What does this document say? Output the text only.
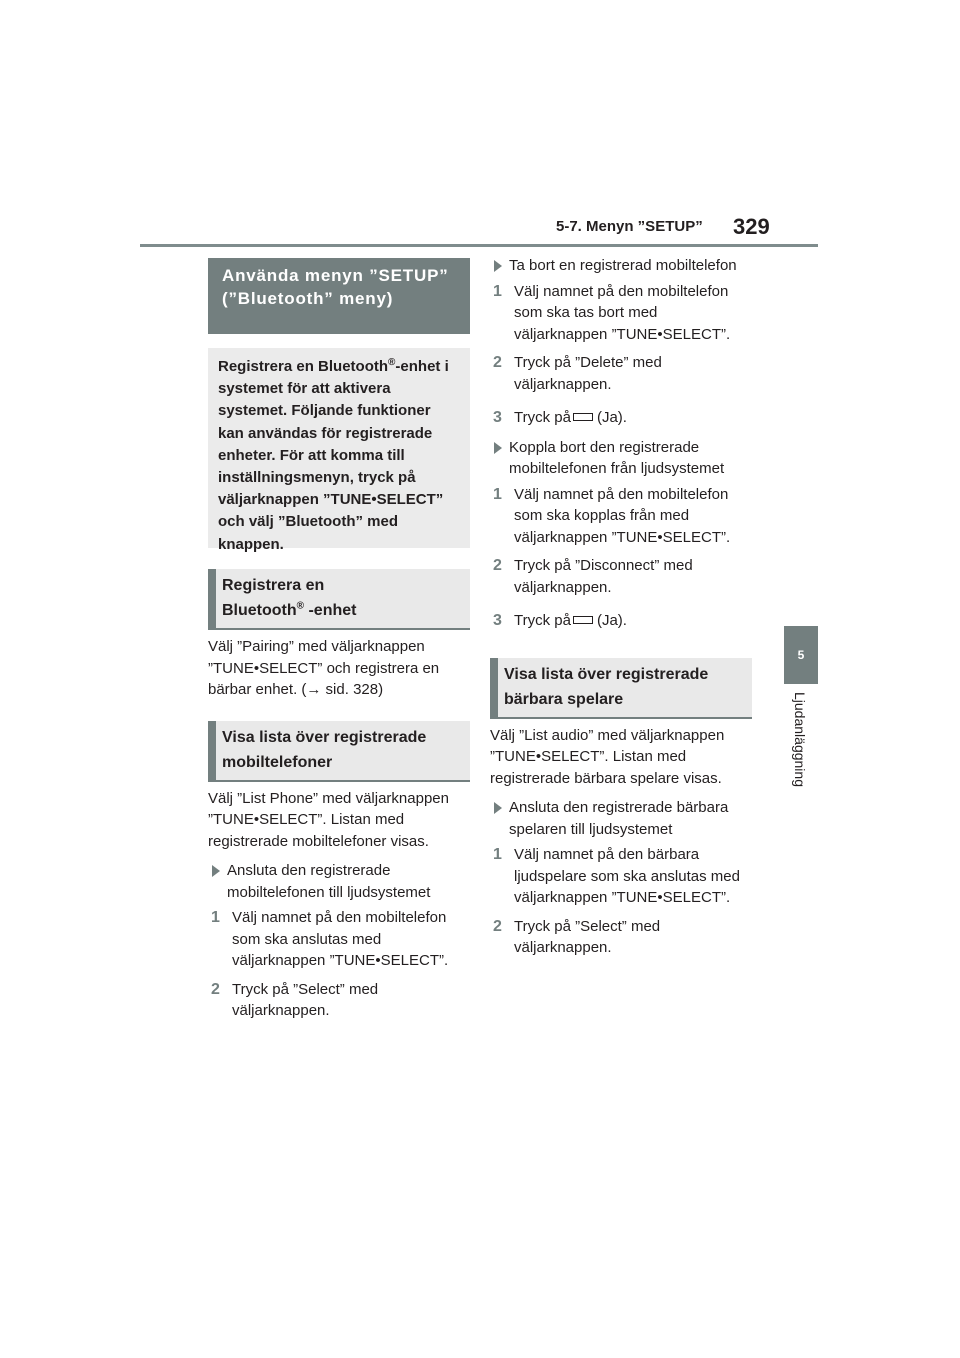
5-7. Menyn ”SETUP” 329
5
Ljudanläggning
Använda menyn ”SETUP” (”Bluetooth” meny)
Registrera en Bluetooth®-enhet i systemet för att aktivera systemet. Följande funktioner kan användas för registrerade enheter. För att komma till inställningsmenyn, tryck på väljarknappen ”TUNE•SELECT” och välj ”Bluetooth” med knappen.
Registrera en
Bluetooth® -enhet
Välj ”Pairing” med väljarknappen ”TUNE•SELECT” och registrera en bärbar enhet. (→ sid. 328)
Visa lista över registrerade mobiltelefoner
Välj ”List Phone” med väljarknappen ”TUNE•SELECT”. Listan med registrerade mobiltelefoner visas.
Ansluta den registrerade mobiltelefonen till ljudsystemet
1 Välj namnet på den mobiltelefon som ska anslutas med väljarknappen ”TUNE•SELECT”.
2 Tryck på ”Select” med väljarknappen.
Ta bort en registrerad mobiltelefon
1 Välj namnet på den mobiltelefon som ska tas bort med väljarknappen ”TUNE•SELECT”.
2 Tryck på ”Delete” med väljarknappen.
3 Tryck på (Ja).
Koppla bort den registrerade mobiltelefonen från ljudsystemet
1 Välj namnet på den mobiltelefon som ska kopplas från med väljarknappen ”TUNE•SELECT”.
2 Tryck på ”Disconnect” med väljarknappen.
3 Tryck på (Ja).
Visa lista över registrerade bärbara spelare
Välj ”List audio” med väljarknappen ”TUNE•SELECT”. Listan med registrerade bärbara spelare visas.
Ansluta den registrerade bärbara spelaren till ljudsystemet
1 Välj namnet på den bärbara ljudspelare som ska anslutas med väljarknappen ”TUNE•SELECT”.
2 Tryck på ”Select” med väljarknappen.
